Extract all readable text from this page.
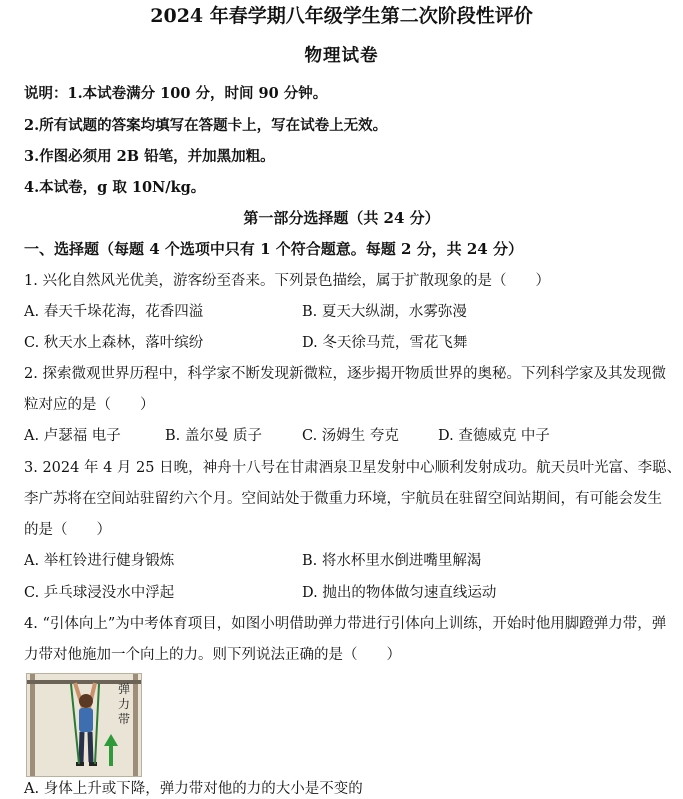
2024 年春学期八年级学生第二次阶段性评价
物理试卷
说明：1.本试卷满分 100 分，时间 90 分钟。
2.所有试题的答案均填写在答题卡上，写在试卷上无效。
3.作图必须用 2B 铅笔，并加黑加粗。
4.本试卷，g 取 10N/kg。
第一部分选择题（共 24 分）
一、选择题（每题 4 个选项中只有 1 个符合题意。每题 2 分，共 24 分）
1. 兴化自然风光优美，游客纷至沓来。下列景色描绘，属于扩散现象的是（　　）
A. 春天千垛花海，花香四溢	B. 夏天大纵湖，水雾弥漫
C. 秋天水上森林，落叶缤纷	D. 冬天徐马荒，雪花飞舞
2. 探索微观世界历程中，科学家不断发现新微粒，逐步揭开物质世界的奥秘。下列科学家及其发现微
粒对应的是（　　）
A. 卢瑟福 电子	B. 盖尔曼 质子	C. 汤姆生 夸克	D. 查德威克 中子
3. 2024 年 4 月 25 日晚，神舟十八号在甘肃酒泉卫星发射中心顺利发射成功。航天员叶光富、李聪、
李广苏将在空间站驻留约六个月。空间站处于微重力环境，宇航员在驻留空间站期间，有可能会发生
的是（　　）
A. 举杠铃进行健身锻炼	B. 将水杯里水倒进嘴里解渴
C. 乒乓球浸没水中浮起	D. 抛出的物体做匀速直线运动
4. “引体向上”为中考体育项目，如图小明借助弹力带进行引体向上训练，开始时他用脚蹬弹力带，弹
力带对他施加一个向上的力。则下列说法正确的是（　　）
弹力带
A. 身体上升或下降，弹力带对他的力的大小是不变的
